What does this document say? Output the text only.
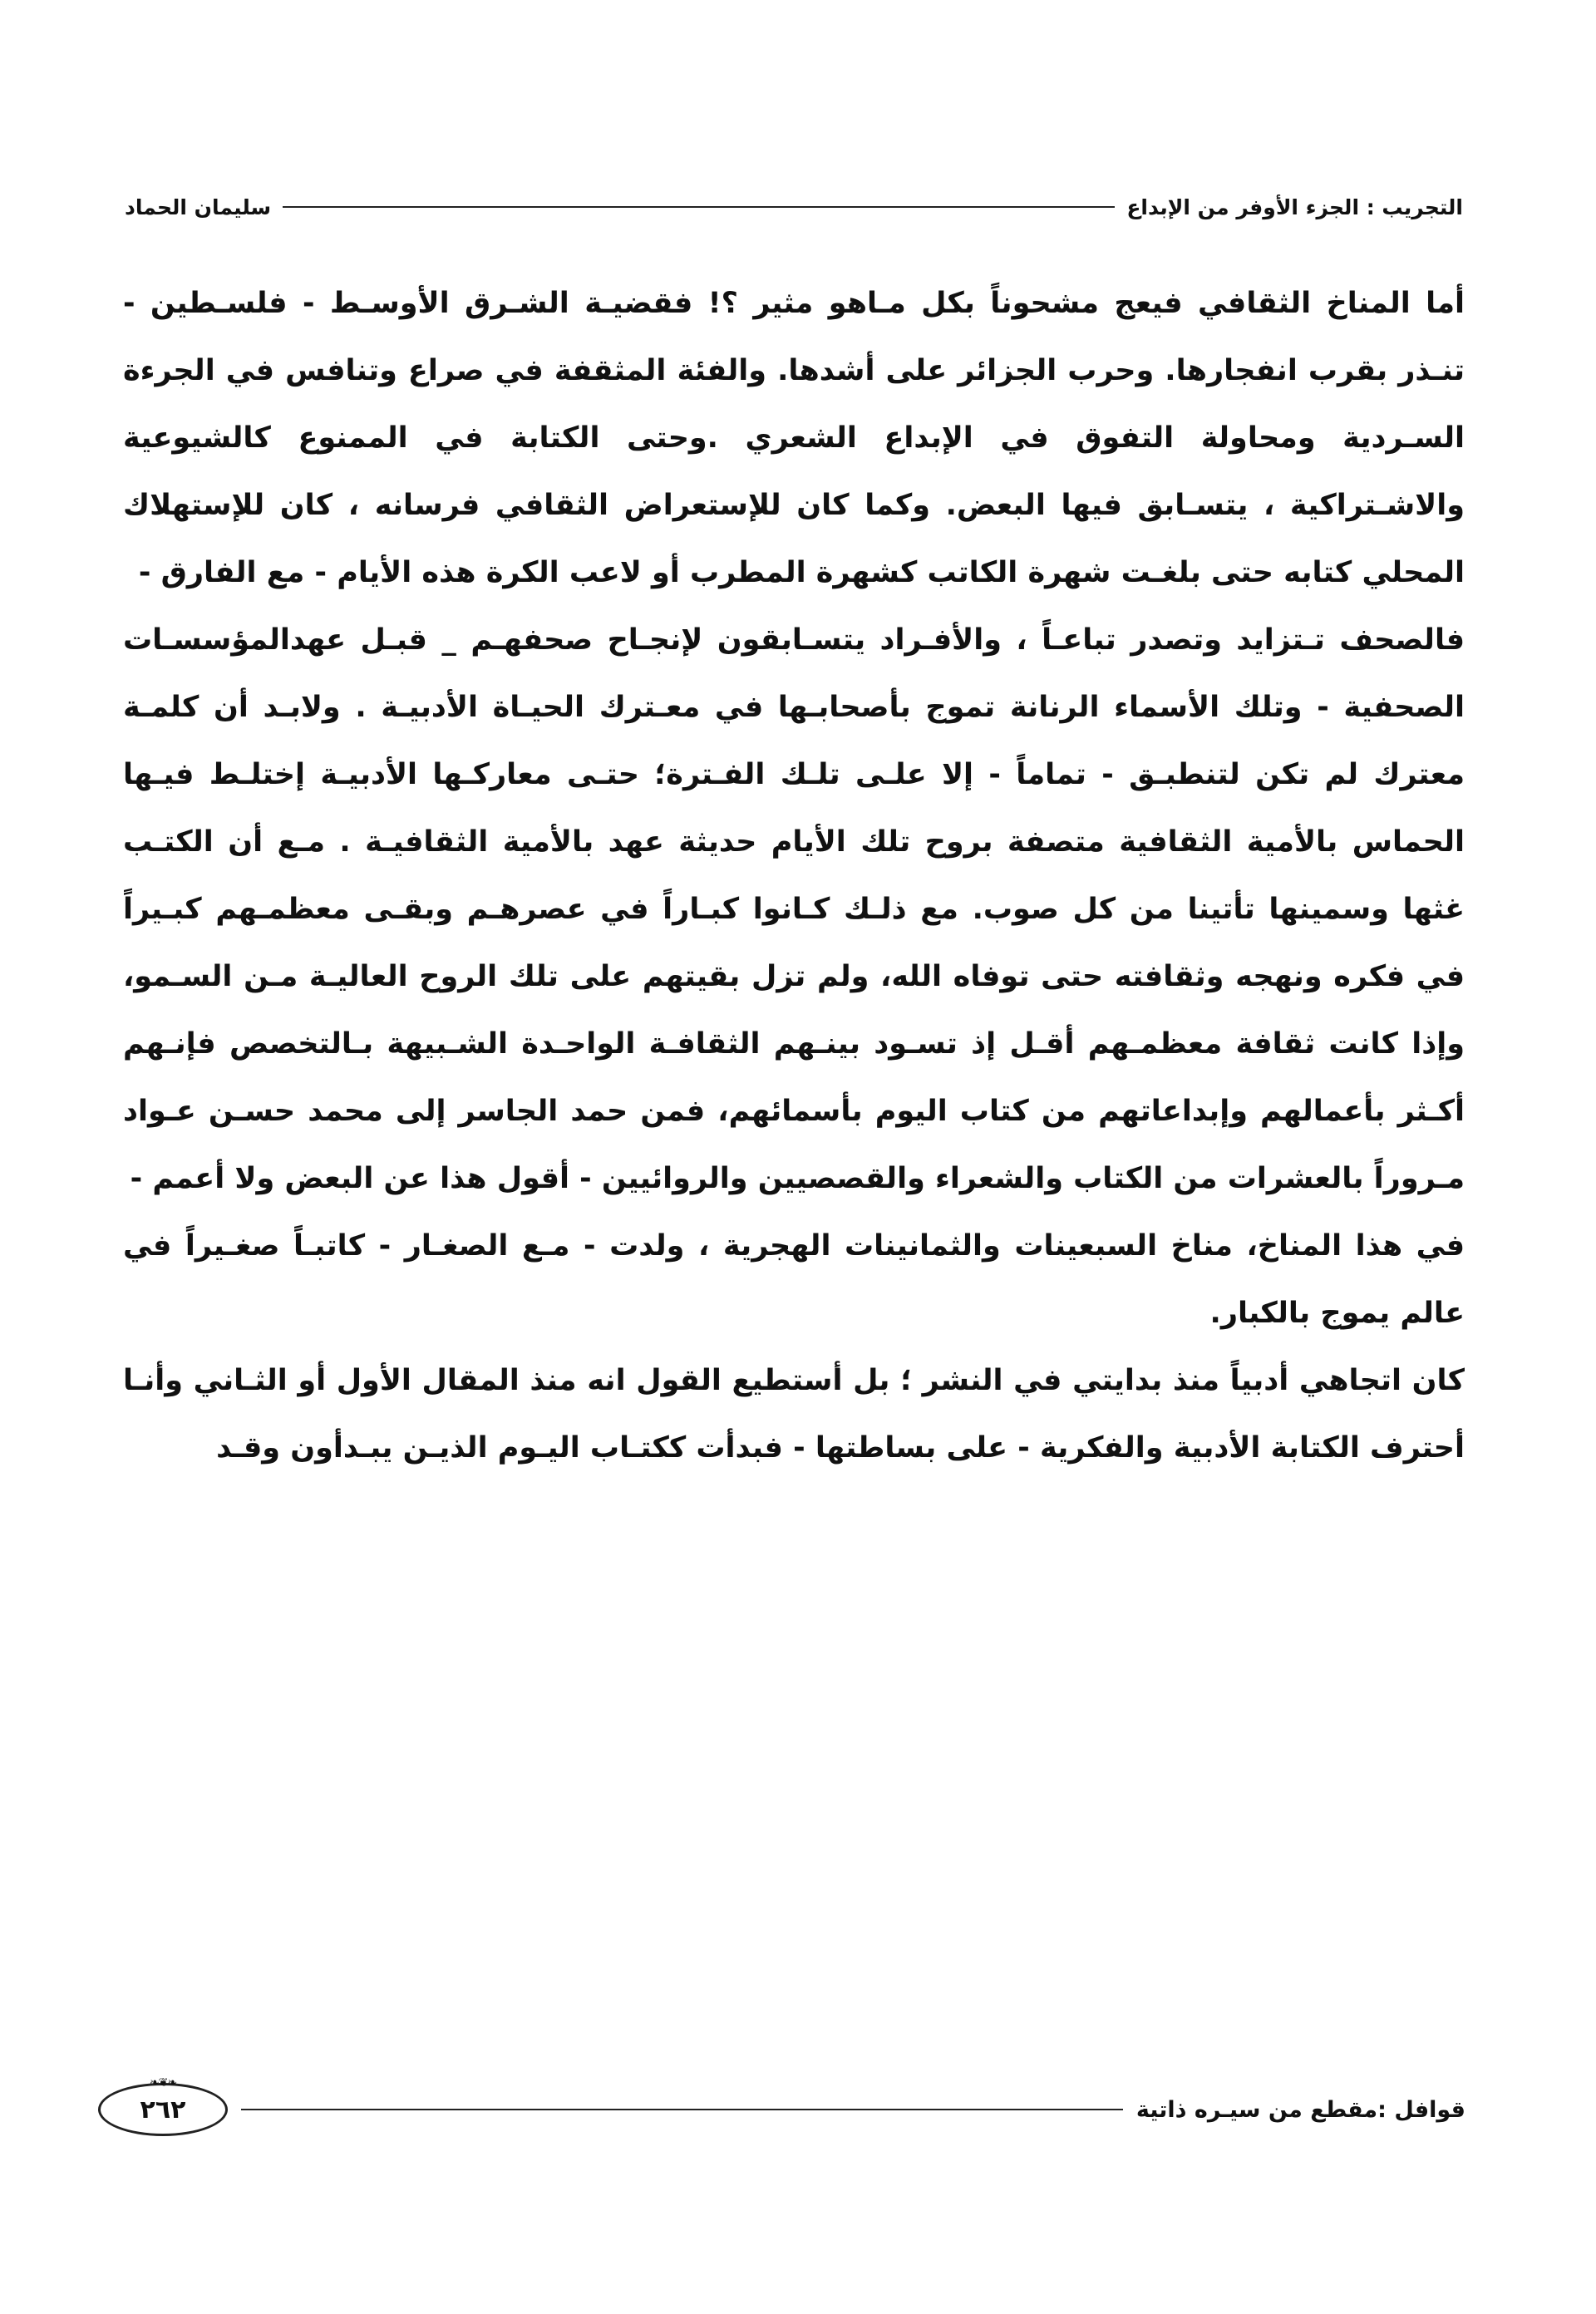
التجريب : الجزء الأوفر من الإبداع
سليمان الحماد

أما المناخ الثقافي فيعج مشحوناً بكل مـاهو مثير ؟! فقضيـة الشـرق الأوسـط - فلسـطين - تنـذر بقرب انفجارها. وحرب الجزائر على أشدها. والفئة المثقفة في صراع وتنافس في الجرءة السـردية ومحاولة التفوق في الإبداع الشعري .وحتى الكتابة في الممنوع كالشيوعية والاشـتراكية ، يتسـابق فيها البعض. وكما كان للإستعراض الثقافي فرسانه ، كان للإستهلاك المحلي كتابه حتى بلغـت شهرة الكاتب كشهرة المطرب أو لاعب الكرة هذه الأيام - مع الفارق -

فالصحف تـتزايد وتصدر تباعـاً ، والأفـراد يتسـابقون لإنجـاح صحفهـم _ قبـل عهدالمؤسسـات الصحفية - وتلك الأسماء الرنانة تموج بأصحابـها في معـترك الحيـاة الأدبيـة . ولابـد أن كلمـة معترك لم تكن لتنطبـق - تماماً - إلا علـى تلـك الفـترة؛ حتـى معاركـها الأدبيـة إختلـط فيـها الحماس بالأمية الثقافية متصفة بروح تلك الأيام حديثة عهد بالأمية الثقافيـة . مـع أن الكتـب غثها وسمينها تأتينا من كل صوب. مع ذلـك كـانوا كبـاراً في عصرهـم وبقـى معظمـهم كبـيراً في فكره ونهجه وثقافته حتى توفاه الله، ولم تزل بقيتهم على تلك الروح العاليـة مـن السـمو، وإذا كانت ثقافة معظمـهم أقـل إذ تسـود بينـهم الثقافـة الواحـدة الشـبيهة بـالتخصص فإنـهم أكـثر بأعمالهم وإبداعاتهم من كتاب اليوم بأسمائهم، فمن حمد الجاسر إلى محمد حسـن عـواد مـروراً بالعشرات من الكتاب والشعراء والقصصيين والروائيين - أقول هذا عن البعض ولا أعمم -

في هذا المناخ، مناخ السبعينات والثمانينات الهجرية ، ولدت - مـع الصغـار - كاتبـاً صغـيراً في عالم يموج بالكبار.

كان اتجاهي أدبياً منذ بدايتي في النشر ؛ بل أستطيع القول انه منذ المقال الأول أو الثـاني وأنـا أحترف الكتابة الأدبية والفكرية - على بساطتها - فبدأت ككتـاب اليـوم الذيـن يبـدأون وقـد

قوافل :مقطع من سيـره ذاتية
❧❦❧
٢٦٢
